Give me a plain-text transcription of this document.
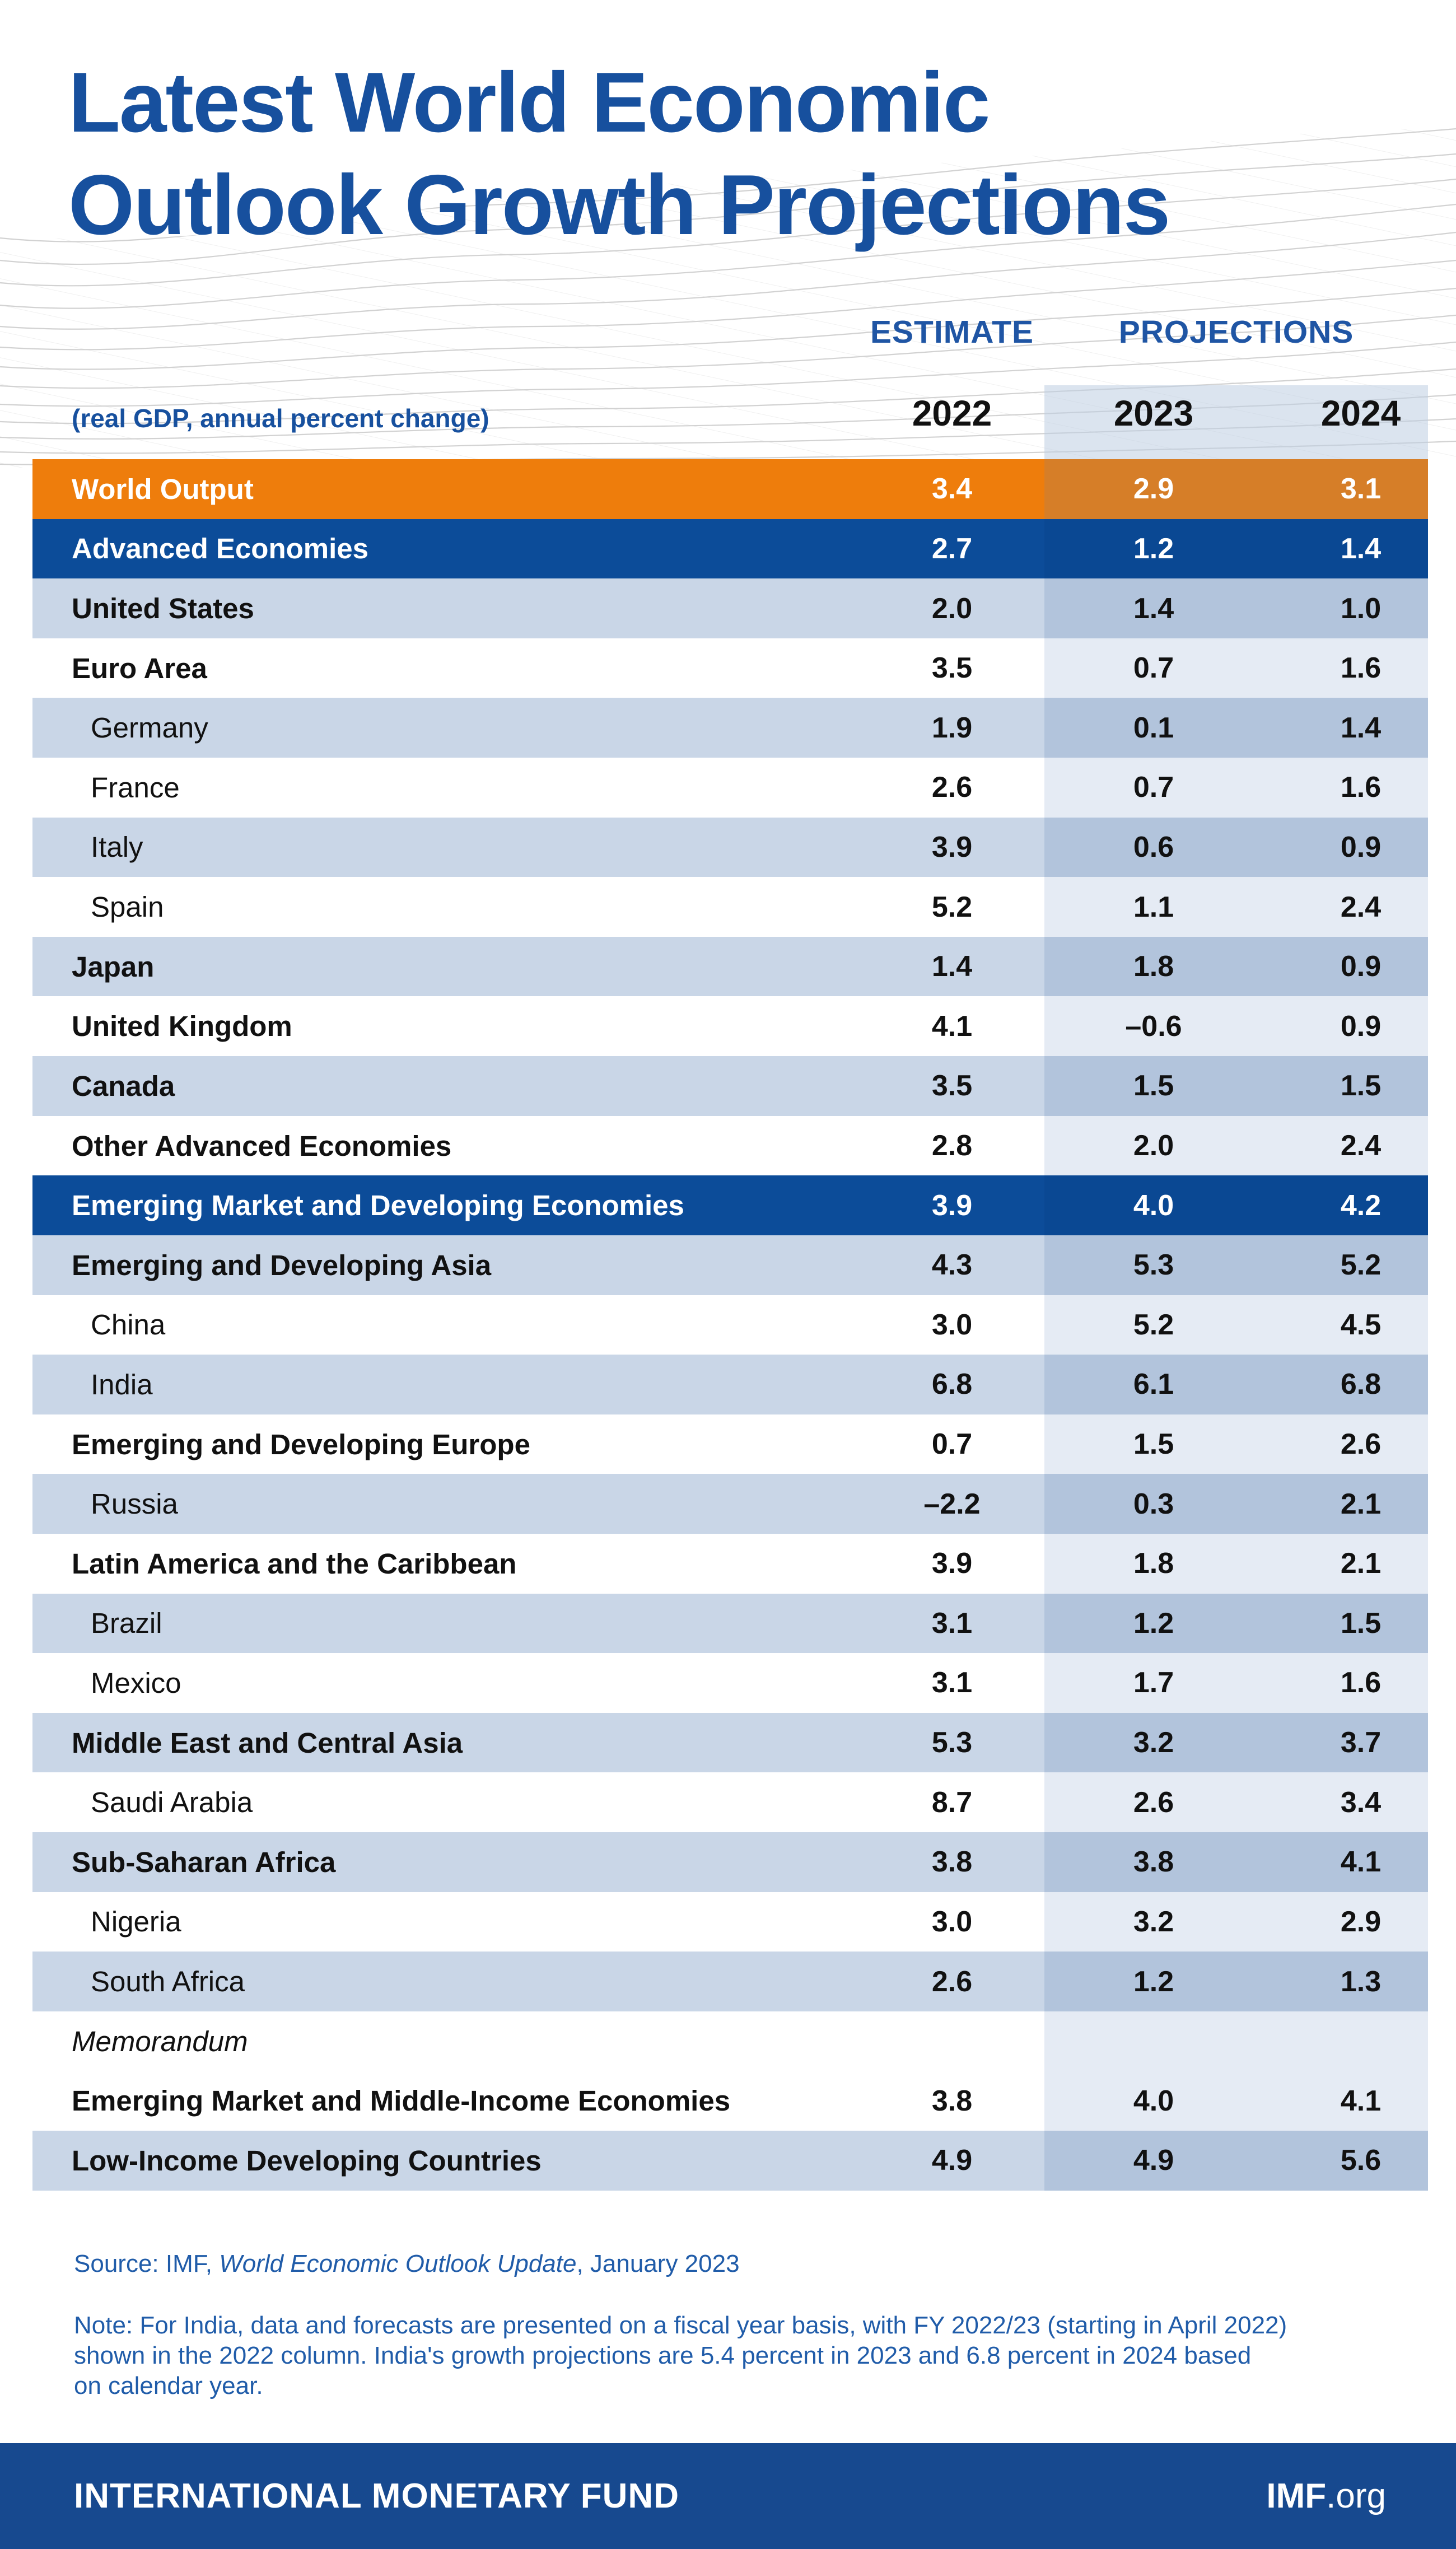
Latest World Economic
Outlook Growth Projections
ESTIMATE	PROJECTIONS
(real GDP, annual percent change)	2022	2023	2024
World Output	3.4	2.9	3.1
Advanced Economies	2.7	1.2	1.4
United States	2.0	1.4	1.0
Euro Area	3.5	0.7	1.6
Germany	1.9	0.1	1.4
France	2.6	0.7	1.6
Italy	3.9	0.6	0.9
Spain	5.2	1.1	2.4
Japan	1.4	1.8	0.9
United Kingdom	4.1	–0.6	0.9
Canada	3.5	1.5	1.5
Other Advanced Economies	2.8	2.0	2.4
Emerging Market and Developing Economies	3.9	4.0	4.2
Emerging and Developing Asia	4.3	5.3	5.2
China	3.0	5.2	4.5
India	6.8	6.1	6.8
Emerging and Developing Europe	0.7	1.5	2.6
Russia	–2.2	0.3	2.1
Latin America and the Caribbean	3.9	1.8	2.1
Brazil	3.1	1.2	1.5
Mexico	3.1	1.7	1.6
Middle East and Central Asia	5.3	3.2	3.7
Saudi Arabia	8.7	2.6	3.4
Sub-Saharan Africa	3.8	3.8	4.1
Nigeria	3.0	3.2	2.9
South Africa	2.6	1.2	1.3
Memorandum
Emerging Market and Middle-Income Economies	3.8	4.0	4.1
Low-Income Developing Countries	4.9	4.9	5.6
Source: IMF, World Economic Outlook Update, January 2023
Note: For India, data and forecasts are presented on a fiscal year basis, with FY 2022/23 (starting in April 2022)
shown in the 2022 column. India's growth projections are 5.4 percent in 2023 and 6.8 percent in 2024 based
on calendar year.
INTERNATIONAL MONETARY FUND	IMF.org
